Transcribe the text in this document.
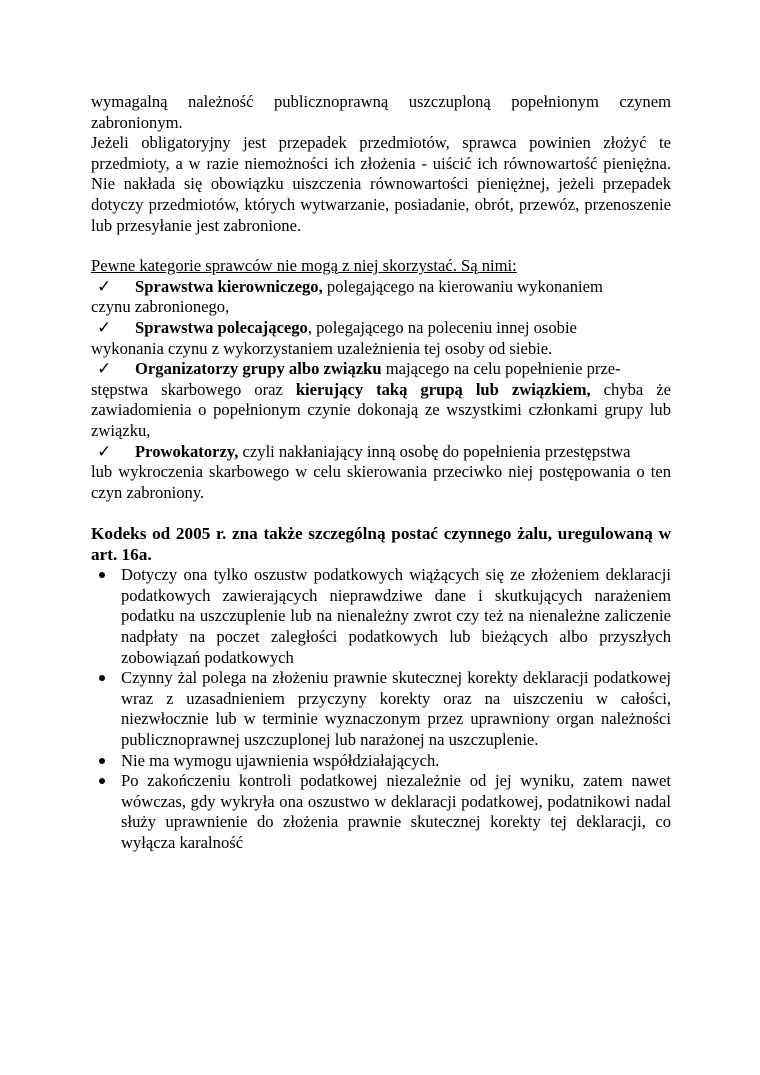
wymagalną należność publicznoprawną uszczuploną popełnionym czynem zabronionym.

Jeżeli obligatoryjny jest przepadek przedmiotów, sprawca powinien złożyć te przedmioty, a w razie niemożności ich złożenia - uiścić ich równowartość pieniężna. Nie nakłada się obowiązku uiszczenia równowartości pieniężnej, jeżeli przepadek dotyczy przedmiotów, których wytwarzanie, posiadanie, obrót, przewóz, przenoszenie lub przesyłanie jest zabronione.

Pewne kategorie sprawców nie mogą z niej skorzystać. Są nimi:

✓ Sprawstwa kierowniczego, polegającego na kierowaniu wykonaniem
czynu zabronionego,
✓ Sprawstwa polecającego, polegającego na poleceniu innej osobie
wykonania czynu z wykorzystaniem uzależnienia tej osoby od siebie.
✓ Organizatorzy grupy albo związku mającego na celu popełnienie prze-
stępstwa skarbowego oraz kierujący taką grupą lub związkiem, chyba że zawiadomienia o popełnionym czynie dokonają ze wszystkimi członkami grupy lub związku,
✓ Prowokatorzy, czyli nakłaniający inną osobę do popełnienia przestępstwa
lub wykroczenia skarbowego w celu skierowania przeciwko niej postępowania o ten czyn zabroniony.

Kodeks od 2005 r. zna także szczególną postać czynnego żalu, uregulowaną w art. 16a.

Dotyczy ona tylko oszustw podatkowych wiążących się ze złożeniem deklaracji podatkowych zawierających nieprawdziwe dane i skutkujących narażeniem podatku na uszczuplenie lub na nienależny zwrot czy też na nienależne zaliczenie nadpłaty na poczet zaległości podatkowych lub bieżących albo przyszłych zobowiązań podatkowych
Czynny żal polega na złożeniu prawnie skutecznej korekty deklaracji podatkowej wraz z uzasadnieniem przyczyny korekty oraz na uiszczeniu w całości, niezwłocznie lub w terminie wyznaczonym przez uprawniony organ należności publicznoprawnej uszczuplonej lub narażonej na uszczuplenie.
Nie ma wymogu ujawnienia współdziałających.
Po zakończeniu kontroli podatkowej niezależnie od jej wyniku, zatem nawet wówczas, gdy wykryła ona oszustwo w deklaracji podatkowej, podatnikowi nadal służy uprawnienie do złożenia prawnie skutecznej korekty tej deklaracji, co wyłącza karalność
